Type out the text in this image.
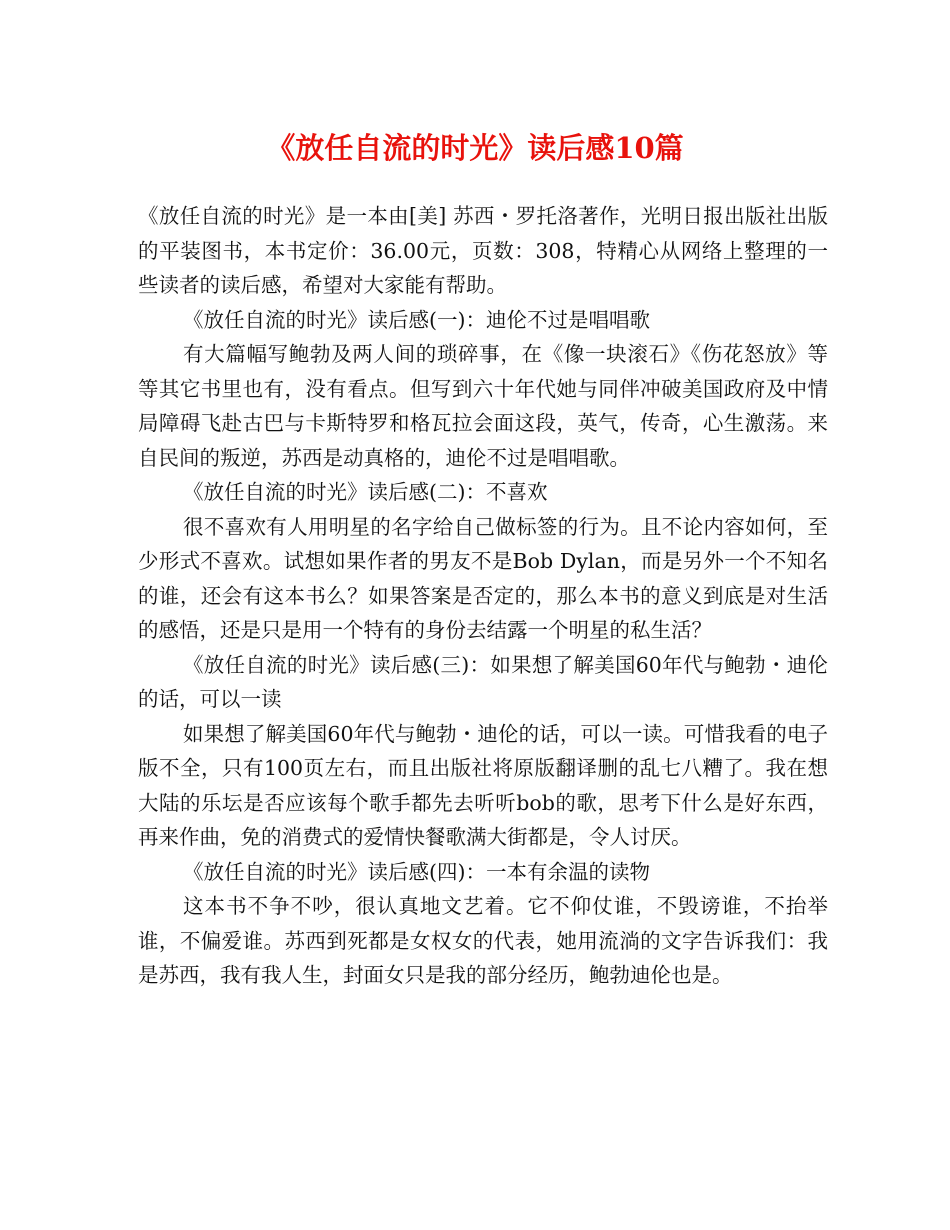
《放任自流的时光》读后感10篇

《放任自流的时光》是一本由[美] 苏西・罗托洛著作，光明日报出版社出版的平装图书，本书定价：36.00元，页数：308，特精心从网络上整理的一些读者的读后感，希望对大家能有帮助。

《放任自流的时光》读后感(一)：迪伦不过是唱唱歌

有大篇幅写鲍勃及两人间的琐碎事，在《像一块滚石》《伤花怒放》等等其它书里也有，没有看点。但写到六十年代她与同伴冲破美国政府及中情局障碍飞赴古巴与卡斯特罗和格瓦拉会面这段，英气，传奇，心生激荡。来自民间的叛逆，苏西是动真格的，迪伦不过是唱唱歌。

《放任自流的时光》读后感(二)：不喜欢

很不喜欢有人用明星的名字给自己做标签的行为。且不论内容如何，至少形式不喜欢。试想如果作者的男友不是Bob Dylan，而是另外一个不知名的谁，还会有这本书么？如果答案是否定的，那么本书的意义到底是对生活的感悟，还是只是用一个特有的身份去结露一个明星的私生活？

《放任自流的时光》读后感(三)：如果想了解美国60年代与鲍勃・迪伦的话，可以一读

如果想了解美国60年代与鲍勃・迪伦的话，可以一读。可惜我看的电子版不全，只有100页左右，而且出版社将原版翻译删的乱七八糟了。我在想大陆的乐坛是否应该每个歌手都先去听听bob的歌，思考下什么是好东西，再来作曲，免的消费式的爱情快餐歌满大街都是，令人讨厌。

《放任自流的时光》读后感(四)：一本有余温的读物

这本书不争不吵，很认真地文艺着。它不仰仗谁，不毁谤谁，不抬举谁，不偏爱谁。苏西到死都是女权女的代表，她用流淌的文字告诉我们：我是苏西，我有我人生，封面女只是我的部分经历，鲍勃迪伦也是。
